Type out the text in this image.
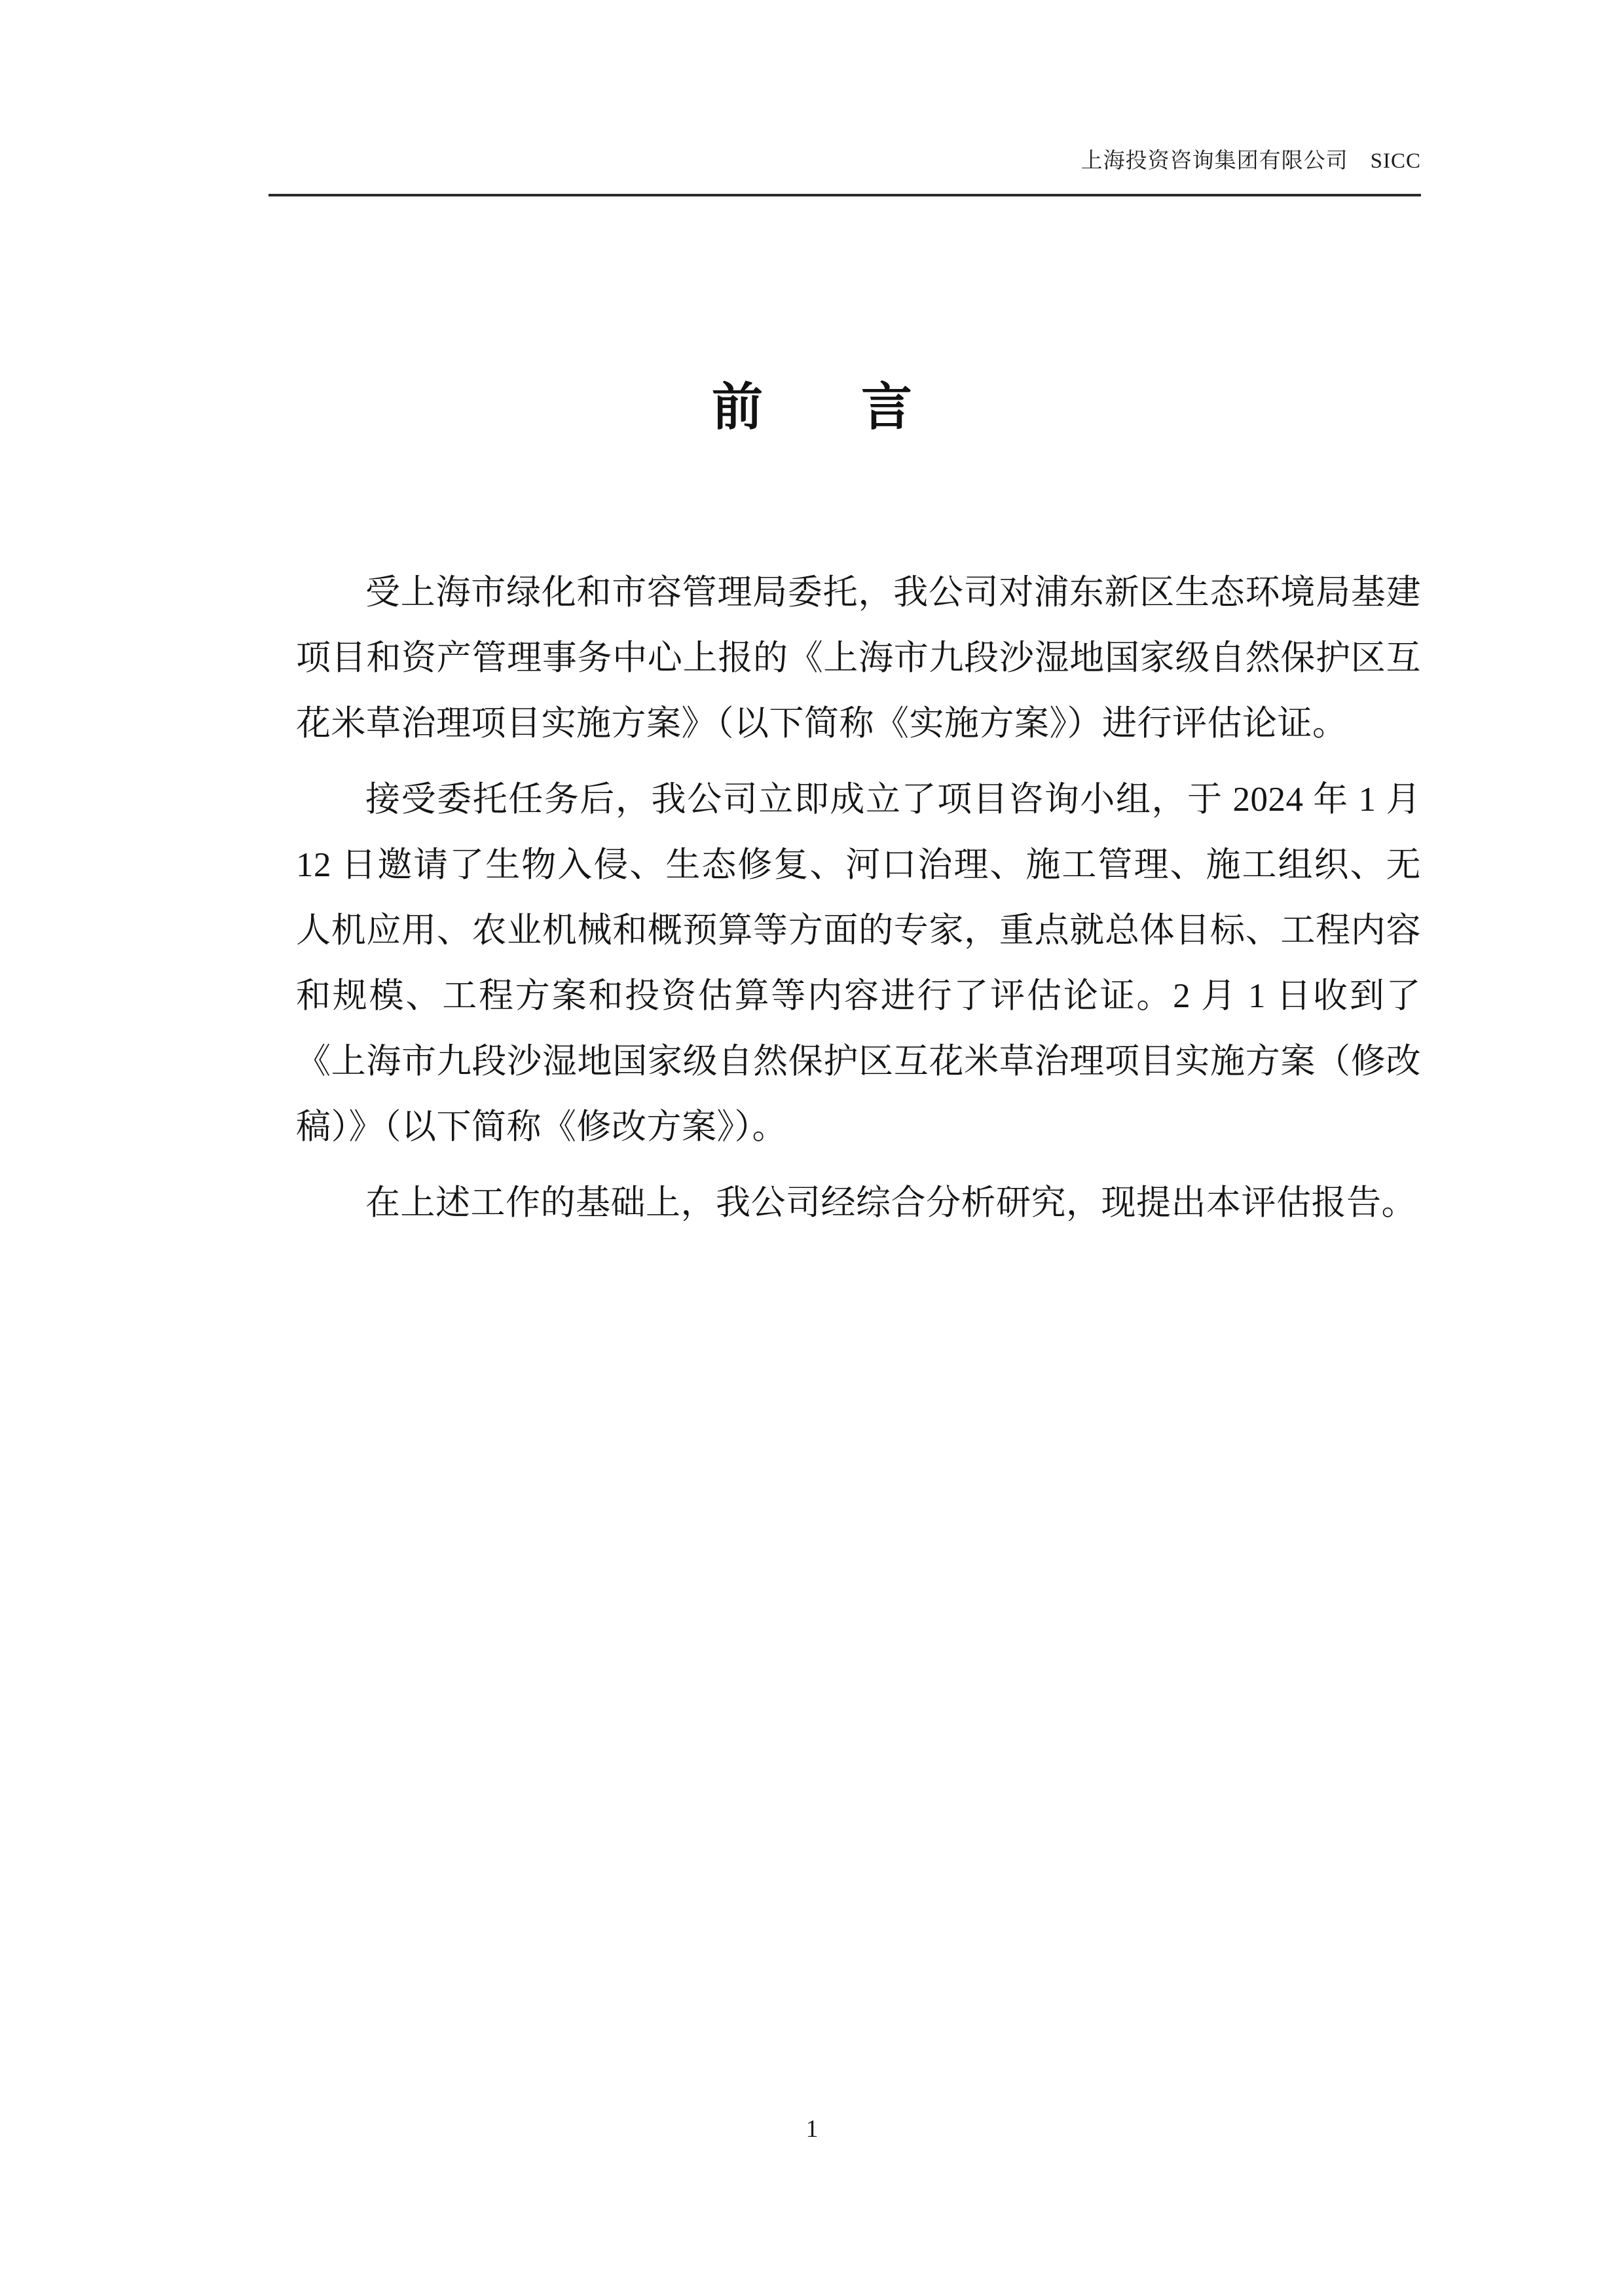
上海投资咨询集团有限公司　SICC
前　言

受上海市绿化和市容管理局委托，我公司对浦东新区生态环境局基建项目和资产管理事务中心上报的《上海市九段沙湿地国家级自然保护区互花米草治理项目实施方案》（以下简称《实施方案》）进行评估论证。

接受委托任务后，我公司立即成立了项目咨询小组，于 2024 年 1 月 12 日邀请了生物入侵、生态修复、河口治理、施工管理、施工组织、无人机应用、农业机械和概预算等方面的专家，重点就总体目标、工程内容和规模、工程方案和投资估算等内容进行了评估论证。2 月 1 日收到了《上海市九段沙湿地国家级自然保护区互花米草治理项目实施方案（修改稿）》（以下简称《修改方案》）。

在上述工作的基础上，我公司经综合分析研究，现提出本评估报告。

1
